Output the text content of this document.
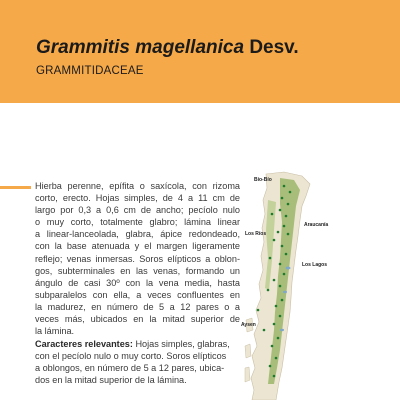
Grammitis magellanica Desv.
GRAMMITIDACEAE
Hierba perenne, epífita o saxícola, con rizoma
corto, erecto. Hojas simples, de 4 a 11 cm de
largo por 0,3 a 0,6 cm de ancho; pecíolo nulo
o muy corto, totalmente glabro; lámina linear
a linear-lanceolada, glabra, ápice redondeado,
con la base atenuada y el margen ligeramente
reflejo; venas inmersas. Soros elípticos a oblon-
gos, subterminales en las venas, formando un
ángulo de casi 30º con la vena media, hasta
subparalelos con ella, a veces confluentes en
la madurez, en número de 5 a 12 pares o a
veces más, ubicados en la mitad superior de
la lámina.
Caracteres relevantes: Hojas simples, glabras,
con el pecíolo nulo o muy corto. Soros elípticos
a oblongos, en número de 5 a 12 pares, ubica-
dos en la mitad superior de la lámina.
Bío-Bío
Araucanía
Los Ríos
Los Lagos
Aysen
